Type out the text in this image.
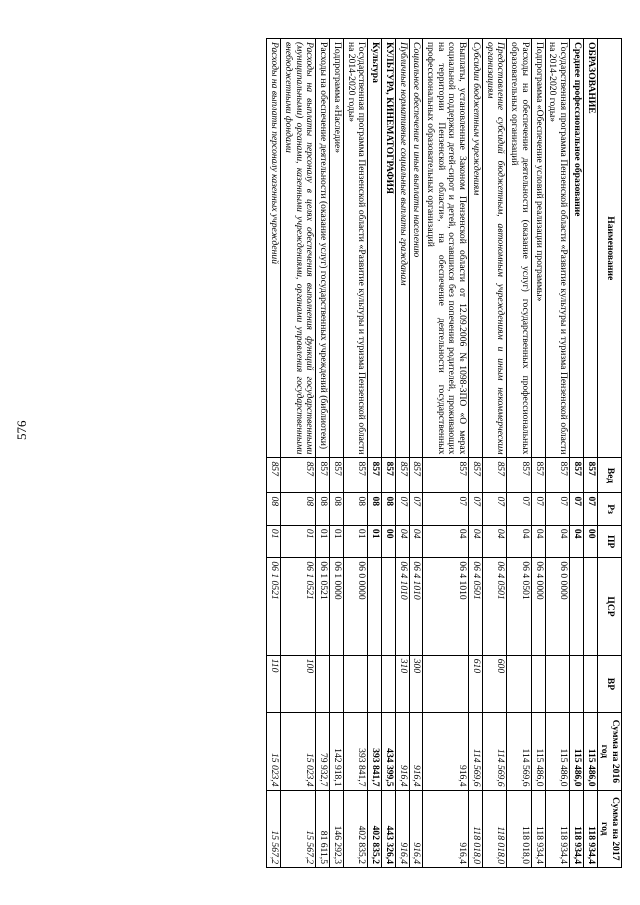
576
Наименование	Вед	Рз	ПР	ЦСР	ВР	Сумма на 2016 год	Сумма на 2017 год
ОБРАЗОВАНИЕ	857	07	00			115 486,0	118 934,4
Среднее профессиональное образование	857	07	04			115 486,0	118 934,4
Государственная программа Пензенской области «Развитие культуры и туризма Пензенской области на 2014-2020 годы»	857	07	04	06 0 0000		115 486,0	118 934,4
Подпрограмма «Обеспечение условий реализации программы»	857	07	04	06 4 0000		115 486,0	118 934,4
Расходы на обеспечение деятельности (оказание услуг) государственных профессиональных образовательных организаций	857	07	04	06 4 0501		114 569,6	118 018,0
Предоставление субсидий бюджетным, автономным учреждениям и иным некоммерческим организациям	857	07	04	06 4 0501	600	114 569,6	118 018,0
Субсидии бюджетным учреждениям	857	07	04	06 4 0501	610	114 569,6	118 018,0
Выплаты, установленные Законом Пензенской области от 12.09.2006 №1098-ЗПО «О мерах социальной поддержки детей-сирот и детей, оставшихся без попечения родителей, проживающих на территории Пензенской области», на обеспечение деятельности государственных профессиональных образовательных организаций	857	07	04	06 4 1010		916,4	916,4
Социальное обеспечение и иные выплаты населению	857	07	04	06 4 1010	300	916,4	916,4
Публичные нормативные социальные выплаты гражданам	857	07	04	06 4 1010	310	916,4	916,4
КУЛЬТУРА, КИНЕМАТОГРАФИЯ	857	08	00			434 399,5	443 326,4
Культура	857	08	01			393 841,7	402 835,2
Государственная программа Пензенской области «Развитие культуры и туризма Пензенской области на 2014-2020 годы»	857	08	01	06 0 0000		393 841,7	402 835,2
Подпрограмма «Наследие»	857	08	01	06 1 0000		142 918,1	146 292,3
Расходы на обеспечение деятельности (оказание услуг) государственных учреждений (библиотеки)	857	08	01	06 1 0521		79 932,7	81 611,5
Расходы на выплаты персоналу в целях обеспечения выполнения функций государственными (муниципальными) органами, казенными учреждениями, органами управления государственными внебюджетными фондами	857	08	01	06 1 0521	100	15 023,4	15 567,2
Расходы на выплаты персоналу казенных учреждений	857	08	01	06 1 0521	110	15 023,4	15 567,2
